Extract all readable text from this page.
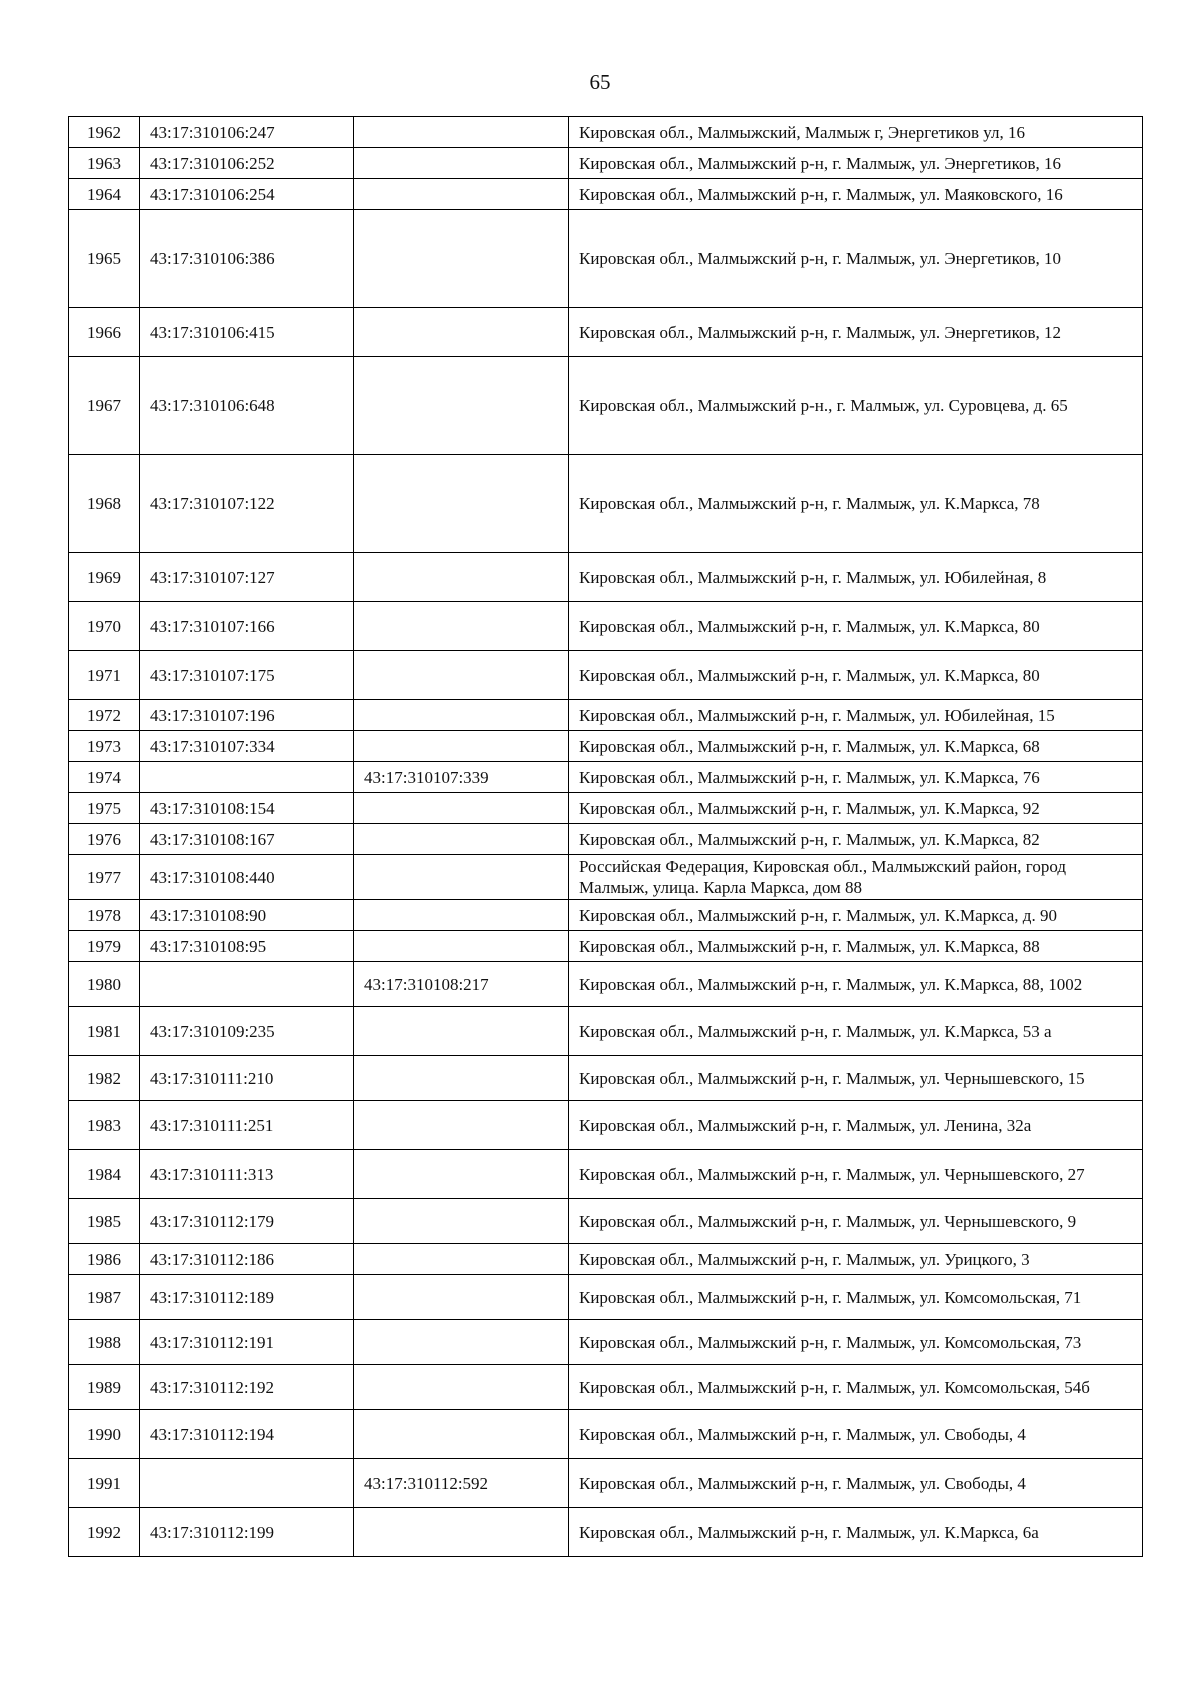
65
1962	43:17:310106:247		Кировская обл., Малмыжский, Малмыж г, Энергетиков ул, 16
1963	43:17:310106:252		Кировская обл., Малмыжский р-н, г. Малмыж, ул. Энергетиков, 16
1964	43:17:310106:254		Кировская обл., Малмыжский р-н, г. Малмыж, ул. Маяковского, 16
1965	43:17:310106:386		Кировская обл., Малмыжский р-н, г. Малмыж, ул. Энергетиков, 10
1966	43:17:310106:415		Кировская обл., Малмыжский р-н, г. Малмыж, ул. Энергетиков, 12
1967	43:17:310106:648		Кировская обл., Малмыжский р-н., г. Малмыж, ул. Суровцева, д. 65
1968	43:17:310107:122		Кировская обл., Малмыжский р-н, г. Малмыж, ул. К.Маркса, 78
1969	43:17:310107:127		Кировская обл., Малмыжский р-н, г. Малмыж, ул. Юбилейная, 8
1970	43:17:310107:166		Кировская обл., Малмыжский р-н, г. Малмыж, ул. К.Маркса, 80
1971	43:17:310107:175		Кировская обл., Малмыжский р-н, г. Малмыж, ул. К.Маркса, 80
1972	43:17:310107:196		Кировская обл., Малмыжский р-н, г. Малмыж, ул. Юбилейная, 15
1973	43:17:310107:334		Кировская обл., Малмыжский р-н, г. Малмыж, ул. К.Маркса, 68
1974		43:17:310107:339	Кировская обл., Малмыжский р-н, г. Малмыж, ул. К.Маркса, 76
1975	43:17:310108:154		Кировская обл., Малмыжский р-н, г. Малмыж, ул. К.Маркса, 92
1976	43:17:310108:167		Кировская обл., Малмыжский р-н, г. Малмыж, ул. К.Маркса, 82
1977	43:17:310108:440		Российская Федерация, Кировская обл., Малмыжский район, город Малмыж, улица. Карла Маркса, дом 88
1978	43:17:310108:90		Кировская обл., Малмыжский р-н, г. Малмыж, ул. К.Маркса, д. 90
1979	43:17:310108:95		Кировская обл., Малмыжский р-н, г. Малмыж, ул. К.Маркса, 88
1980		43:17:310108:217	Кировская обл., Малмыжский р-н, г. Малмыж, ул. К.Маркса, 88, 1002
1981	43:17:310109:235		Кировская обл., Малмыжский р-н, г. Малмыж, ул. К.Маркса, 53 а
1982	43:17:310111:210		Кировская обл., Малмыжский р-н, г. Малмыж, ул. Чернышевского, 15
1983	43:17:310111:251		Кировская обл., Малмыжский р-н, г. Малмыж, ул. Ленина, 32а
1984	43:17:310111:313		Кировская обл., Малмыжский р-н, г. Малмыж, ул. Чернышевского, 27
1985	43:17:310112:179		Кировская обл., Малмыжский р-н, г. Малмыж, ул. Чернышевского, 9
1986	43:17:310112:186		Кировская обл., Малмыжский р-н, г. Малмыж, ул. Урицкого, 3
1987	43:17:310112:189		Кировская обл., Малмыжский р-н, г. Малмыж, ул. Комсомольская, 71
1988	43:17:310112:191		Кировская обл., Малмыжский р-н, г. Малмыж, ул. Комсомольская, 73
1989	43:17:310112:192		Кировская обл., Малмыжский р-н, г. Малмыж, ул. Комсомольская, 54б
1990	43:17:310112:194		Кировская обл., Малмыжский р-н, г. Малмыж, ул. Свободы, 4
1991		43:17:310112:592	Кировская обл., Малмыжский р-н, г. Малмыж, ул. Свободы, 4
1992	43:17:310112:199		Кировская обл., Малмыжский р-н, г. Малмыж, ул. К.Маркса, 6а
